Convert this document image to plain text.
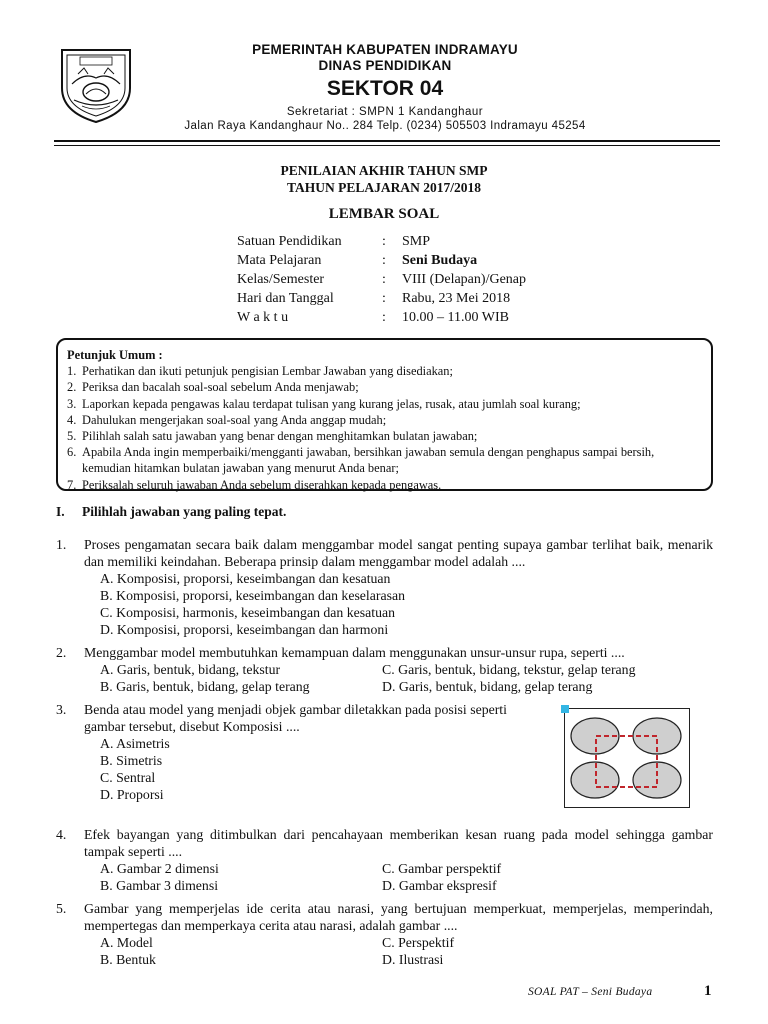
PEMERINTAH KABUPATEN INDRAMAYU
DINAS PENDIDIKAN
SEKTOR 04
Sekretariat : SMPN 1 Kandanghaur
Jalan Raya Kandanghaur No.. 284 Telp. (0234) 505503 Indramayu 45254
PENILAIAN AKHIR TAHUN SMP
TAHUN PELAJARAN 2017/2018
LEMBAR SOAL
Satuan Pendidikan	:	SMP
Mata Pelajaran	:	Seni Budaya
Kelas/Semester	:	VIII (Delapan)/Genap
Hari dan Tanggal	:	Rabu, 23 Mei 2018
W a k t u	:	10.00 – 11.00 WIB
Petunjuk Umum :
1. Perhatikan dan ikuti petunjuk pengisian Lembar Jawaban yang disediakan;
2. Periksa dan bacalah soal-soal sebelum Anda menjawab;
3. Laporkan kepada pengawas kalau terdapat tulisan yang kurang jelas, rusak, atau jumlah soal kurang;
4. Dahulukan mengerjakan soal-soal yang Anda anggap mudah;
5. Pilihlah salah satu jawaban yang benar dengan menghitamkan bulatan jawaban;
6. Apabila Anda ingin memperbaiki/mengganti jawaban, bersihkan jawaban semula dengan penghapus sampai bersih, kemudian hitamkan bulatan jawaban yang menurut Anda benar;
7. Periksalah seluruh jawaban Anda sebelum diserahkan kepada pengawas.
I.	Pilihlah jawaban yang paling tepat.
1.	Proses pengamatan secara baik dalam menggambar model sangat penting supaya gambar terlihat baik, menarik dan memiliki keindahan. Beberapa prinsip dalam menggambar model adalah ....
A. Komposisi, proporsi, keseimbangan dan kesatuan
B. Komposisi, proporsi, keseimbangan dan keselarasan
C. Komposisi, harmonis, keseimbangan dan kesatuan
D. Komposisi, proporsi, keseimbangan dan harmoni
2.	Menggambar model membutuhkan kemampuan dalam menggunakan unsur-unsur rupa, seperti ....
A. Garis, bentuk, bidang, tekstur	C. Garis, bentuk, bidang, tekstur, gelap terang
B. Garis, bentuk, bidang, gelap terang	D. Garis, bentuk, bidang, gelap terang
3.	Benda atau model yang menjadi objek gambar diletakkan pada posisi seperti gambar tersebut, disebut Komposisi ....
A. Asimetris
B. Simetris
C. Sentral
D. Proporsi
4.	Efek bayangan yang ditimbulkan dari pencahayaan memberikan kesan ruang pada model sehingga gambar tampak seperti ....
A. Gambar 2 dimensi	C. Gambar perspektif
B. Gambar 3 dimensi	D. Gambar ekspresif
5.	Gambar yang memperjelas ide cerita atau narasi, yang bertujuan memperkuat, memperjelas, memperindah, mempertegas dan memperkaya cerita atau narasi, adalah gambar ....
A. Model	C. Perspektif
B. Bentuk	D. Ilustrasi
SOAL PAT – Seni Budaya	1
